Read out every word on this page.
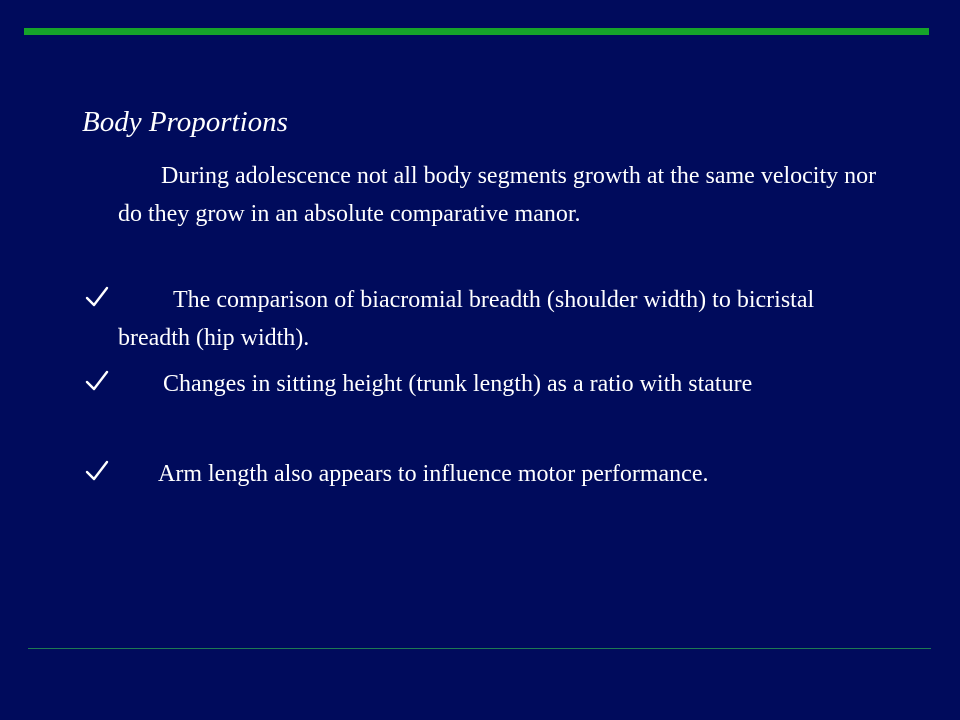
Body Proportions

During adolescence not all body segments growth at the same velocity nor do they grow in an absolute comparative manor.

The comparison of biacromial breadth (shoulder width) to bicristal breadth (hip width).

Changes in sitting height (trunk length) as a ratio with stature

Arm length also appears to influence motor performance.
